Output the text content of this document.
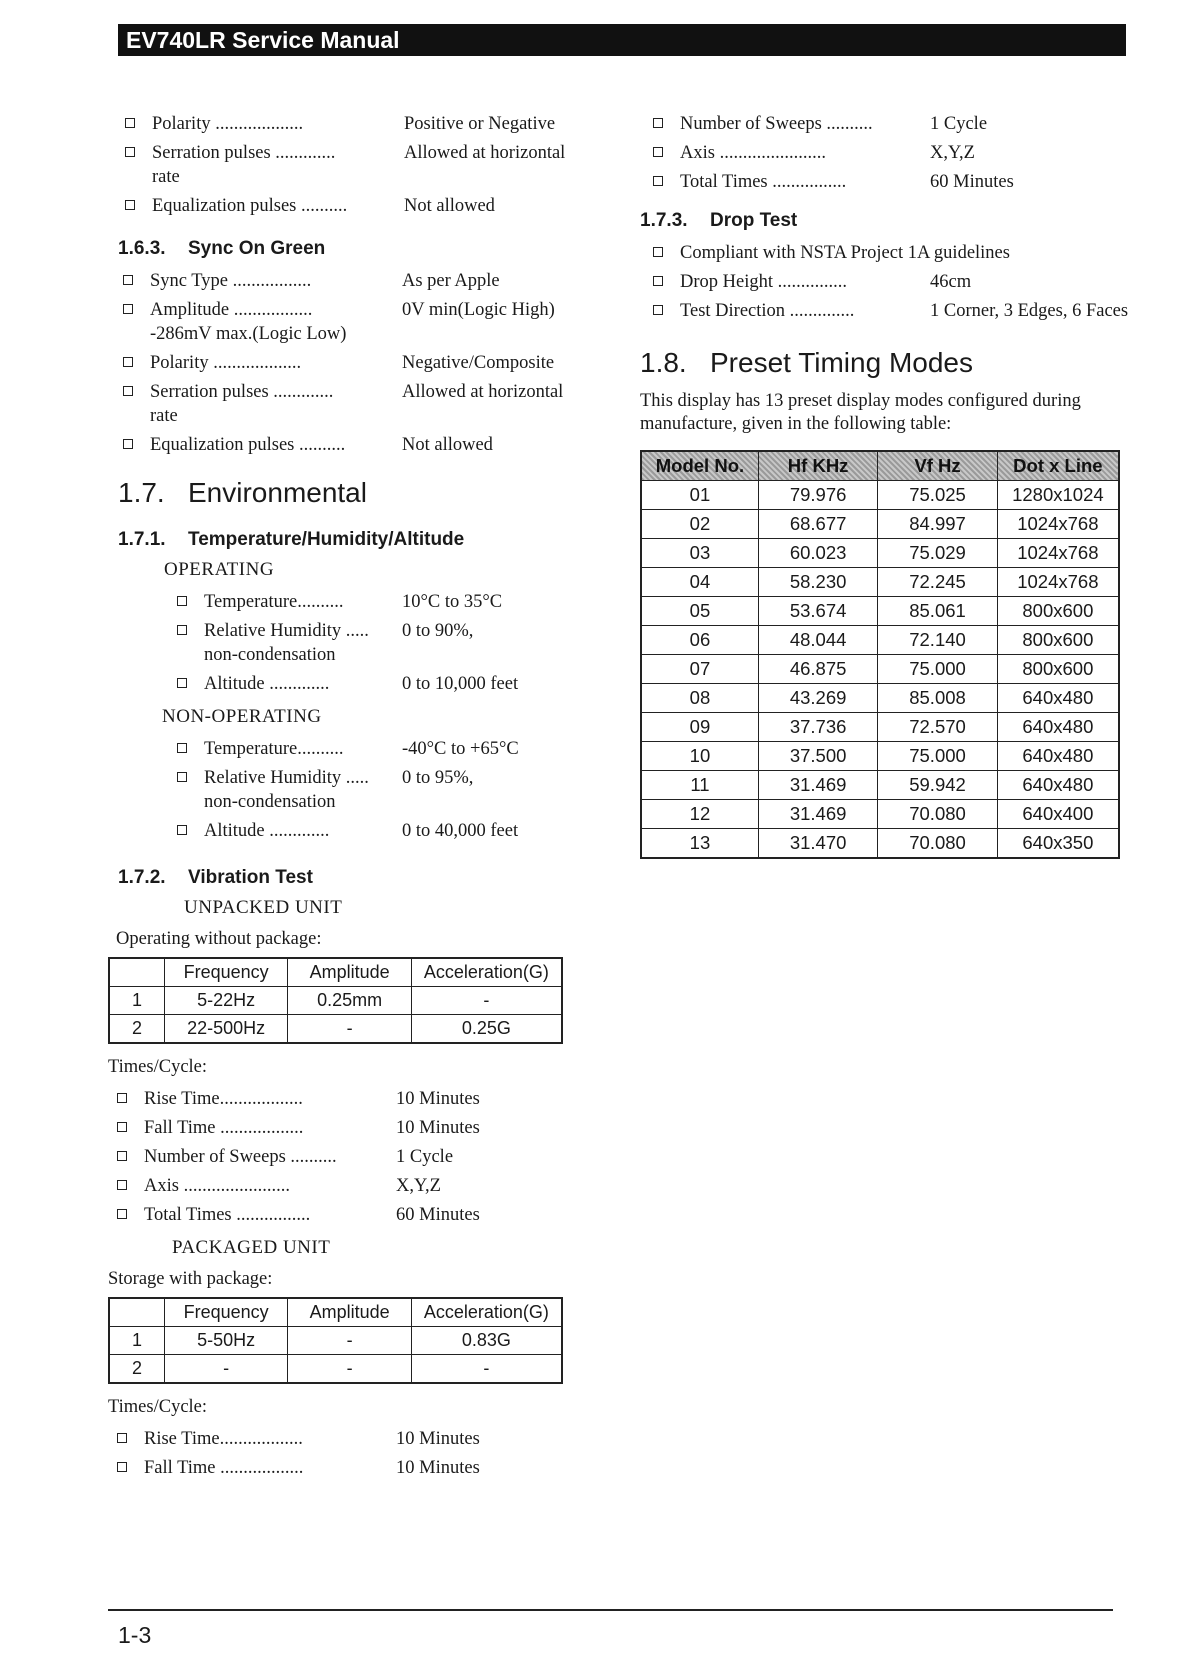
EV740LR Service Manual
Polarity ...................	Positive or Negative
Serration pulses .............	Allowed at horizontal
rate
Equalization pulses ..........	Not allowed
1.6.3. Sync On Green
Sync Type .................	As per Apple
Amplitude .................	0V min(Logic High)
-286mV max.(Logic Low)
Polarity ...................	Negative/Composite
Serration pulses .............	Allowed at horizontal
rate
Equalization pulses ..........	Not allowed
1.7. Environmental
1.7.1. Temperature/Humidity/Altitude
OPERATING
Temperature..........	10°C to 35°C
Relative Humidity ..... 0 to 90%,
non-condensation
Altitude .............	0 to 10,000 feet
NON-OPERATING
Temperature..........	-40°C to +65°C
Relative Humidity ..... 0 to 95%,
non-condensation
Altitude .............	0 to 40,000 feet
1.7.2. Vibration Test
UNPACKED UNIT
Operating without package:
	Frequency	Amplitude	Acceleration(G)
1	5-22Hz	0.25mm	-
2	22-500Hz	-	0.25G
Times/Cycle:
Rise Time..................	10 Minutes
Fall Time ..................	10 Minutes
Number of Sweeps ..........	1 Cycle
Axis .......................	X,Y,Z
Total Times ................	60 Minutes
PACKAGED UNIT
Storage with package:
	Frequency	Amplitude	Acceleration(G)
1	5-50Hz	-	0.83G
2	-	-	-
Times/Cycle:
Rise Time..................	10 Minutes
Fall Time ..................	10 Minutes
Number of Sweeps ..........	1 Cycle
Axis .......................	X,Y,Z
Total Times ................	60 Minutes
1.7.3. Drop Test
Compliant with NSTA Project 1A guidelines
Drop Height ...............	46cm
Test Direction ..............	1 Corner, 3 Edges, 6 Faces
1.8. Preset Timing Modes
This display has 13 preset display modes configured during manufacture, given in the following table:
Model No.	Hf KHz	Vf Hz	Dot x Line
01	79.976	75.025	1280x1024
02	68.677	84.997	1024x768
03	60.023	75.029	1024x768
04	58.230	72.245	1024x768
05	53.674	85.061	800x600
06	48.044	72.140	800x600
07	46.875	75.000	800x600
08	43.269	85.008	640x480
09	37.736	72.570	640x480
10	37.500	75.000	640x480
11	31.469	59.942	640x480
12	31.469	70.080	640x400
13	31.470	70.080	640x350
1-3
